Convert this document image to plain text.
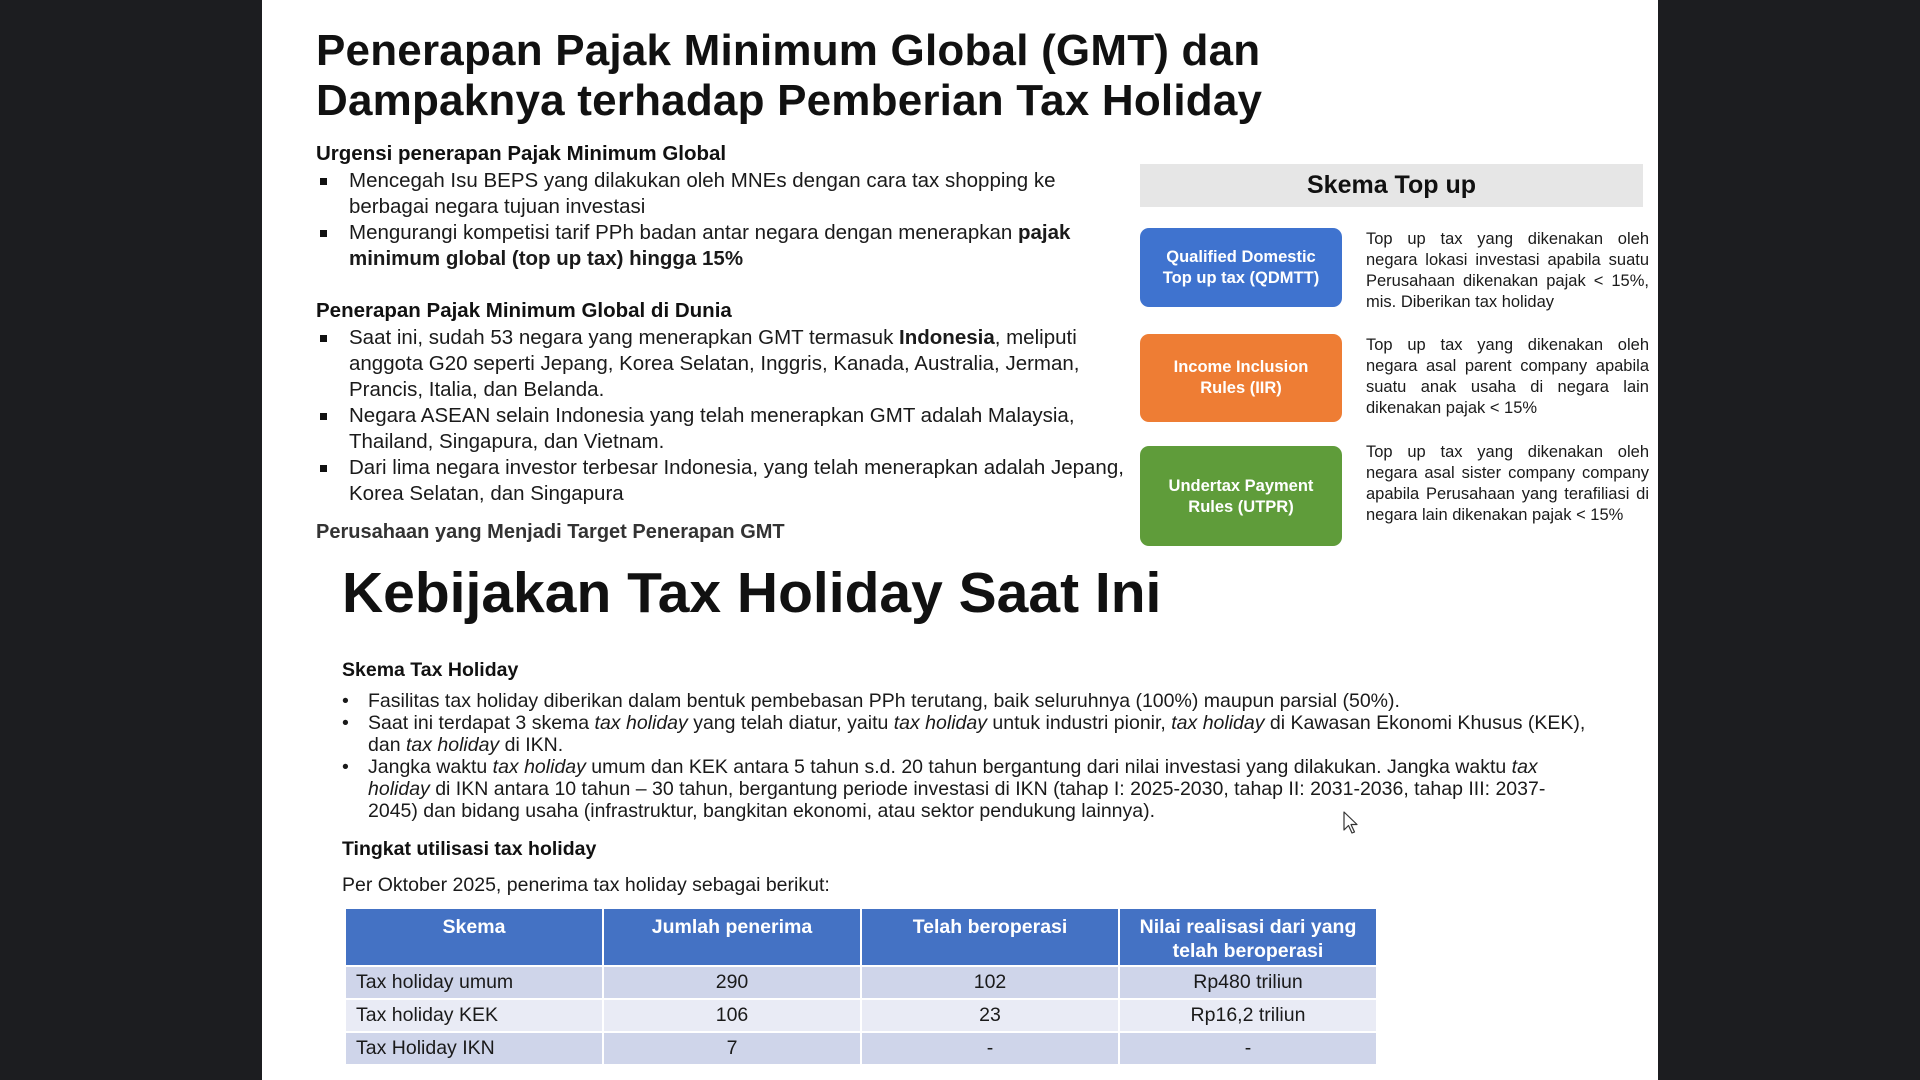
Penerapan Pajak Minimum Global (GMT) dan
Dampaknya terhadap Pemberian Tax Holiday
Urgensi penerapan Pajak Minimum Global
Mencegah Isu BEPS yang dilakukan oleh MNEs dengan cara tax shopping ke berbagai negara tujuan investasi
Mengurangi kompetisi tarif PPh badan antar negara dengan menerapkan pajak minimum global (top up tax) hingga 15%
Penerapan Pajak Minimum Global di Dunia
Saat ini, sudah 53 negara yang menerapkan GMT termasuk Indonesia, meliputi anggota G20 seperti Jepang, Korea Selatan, Inggris, Kanada, Australia, Jerman, Prancis, Italia, dan Belanda.
Negara ASEAN selain Indonesia yang telah menerapkan GMT adalah Malaysia, Thailand, Singapura, dan Vietnam.
Dari lima negara investor terbesar Indonesia, yang telah menerapkan adalah Jepang, Korea Selatan, dan Singapura
Perusahaan yang Menjadi Target Penerapan GMT
Skema Top up
Qualified Domestic Top up tax (QDMTT)
Top up tax yang dikenakan oleh negara lokasi investasi apabila suatu Perusahaan dikenakan pajak < 15%, mis. Diberikan tax holiday
Income Inclusion Rules (IIR)
Top up tax yang dikenakan oleh negara asal parent company apabila suatu anak usaha di negara lain dikenakan pajak < 15%
Undertax Payment Rules (UTPR)
Top up tax yang dikenakan oleh negara asal sister company company apabila Perusahaan yang terafiliasi di negara lain dikenakan pajak < 15%
Kebijakan Tax Holiday Saat Ini
Skema Tax Holiday
• Fasilitas tax holiday diberikan dalam bentuk pembebasan PPh terutang, baik seluruhnya (100%) maupun parsial (50%).
• Saat ini terdapat 3 skema tax holiday yang telah diatur, yaitu tax holiday untuk industri pionir, tax holiday di Kawasan Ekonomi Khusus (KEK), dan tax holiday di IKN.
• Jangka waktu tax holiday umum dan KEK antara 5 tahun s.d. 20 tahun bergantung dari nilai investasi yang dilakukan. Jangka waktu tax holiday di IKN antara 10 tahun – 30 tahun, bergantung periode investasi di IKN (tahap I: 2025-2030, tahap II: 2031-2036, tahap III: 2037-2045) dan bidang usaha (infrastruktur, bangkitan ekonomi, atau sektor pendukung lainnya).
Tingkat utilisasi tax holiday
Per Oktober 2025, penerima tax holiday sebagai berikut:
Skema	Jumlah penerima	Telah beroperasi	Nilai realisasi dari yang telah beroperasi
Tax holiday umum	290	102	Rp480 triliun
Tax holiday KEK	106	23	Rp16,2 triliun
Tax Holiday IKN	7	-	-
